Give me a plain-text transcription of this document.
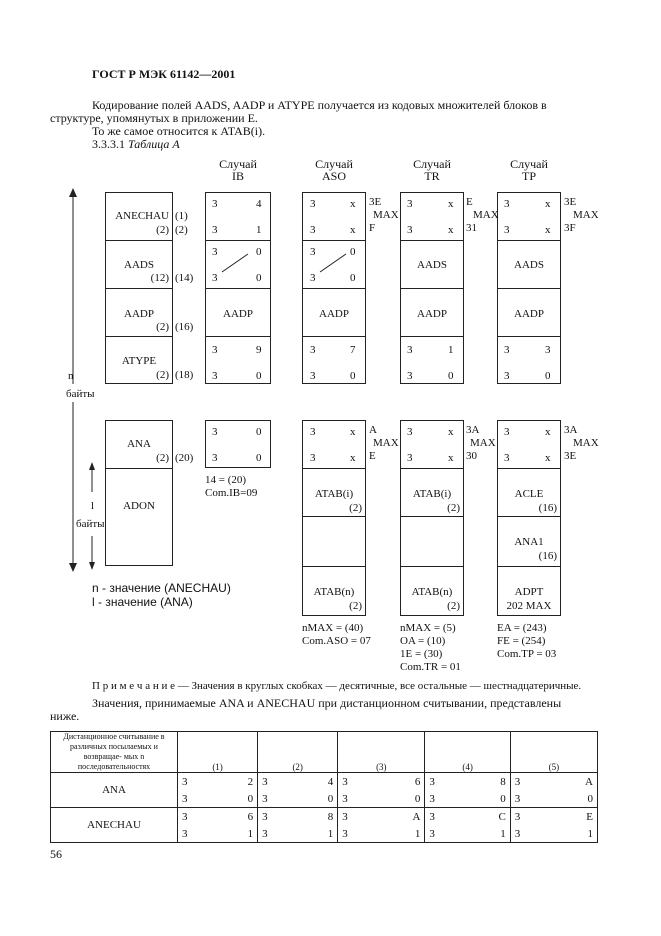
ГОСТ Р МЭК 61142—2001
Кодирование полей AADS, AADP и ATYPE получается из кодовых множителей блоков в
структуре, упомянутых в приложении Е.
То же самое относится к ATAB(i).
3.3.3.1 Таблица А
Случай
IB
Случай
ASO
Случай
TR
Случай
TP
n
байты
l
байты
ANECHAU
(2)
(1)
(2)
AADS
(12) (14)
AADP
(2) (16)
ATYPE
(2) (18)
ANA
(2) (20)
ADON
n - значение (ANECHAU)
l - значение (ANA)
3	4
3	1
3	0
3	0
AADP
3	9
3	0
3	0
3	0
14 = (20)
Com.IB=09
3	x
3	x
3E
MAX
F
3	0
3	0
AADP
3	7
3	0
3	x
3	x
A
MAX
E
ATAB(i)
(2)
ATAB(n)
(2)
nMAX = (40)
Com.ASO = 07
3	x
3	x
E
MAX
31
AADS
AADP
3	1
3	0
3	x
3	x
3A
MAX
30
ATAB(i)
(2)
ATAB(n)
(2)
nMAX = (5)
OA = (10)
1E = (30)
Com.TR = 01
3	x
3	x
3E
MAX
3F
AADS
AADP
3	3
3	0
3	x
3	x
3A
MAX
3E
ACLE
(16)
ANA1
(16)
ADPT
202 MAX
EA = (243)
FE = (254)
Com.TP = 03
П р и м е ч а н и е — Значения в круглых скобках — десятичные, все остальные — шестнадцатеричные.
Значения, принимаемые ANA и ANECHAU при дистанционном считывании, представлены
ниже.
Дистанционное считывание в различных посылаемых и возвращае- мых n последовательностях	(1)		(2)		(3)		(4)		(5)	
ANA	3	2	3	4	3	6	3	8	3	A
	3	0	3	0	3	0	3	0	3	0
ANECHAU	3	6	3	8	3	A	3	C	3	E
	3	1	3	1	3	1	3	1	3	1
56
